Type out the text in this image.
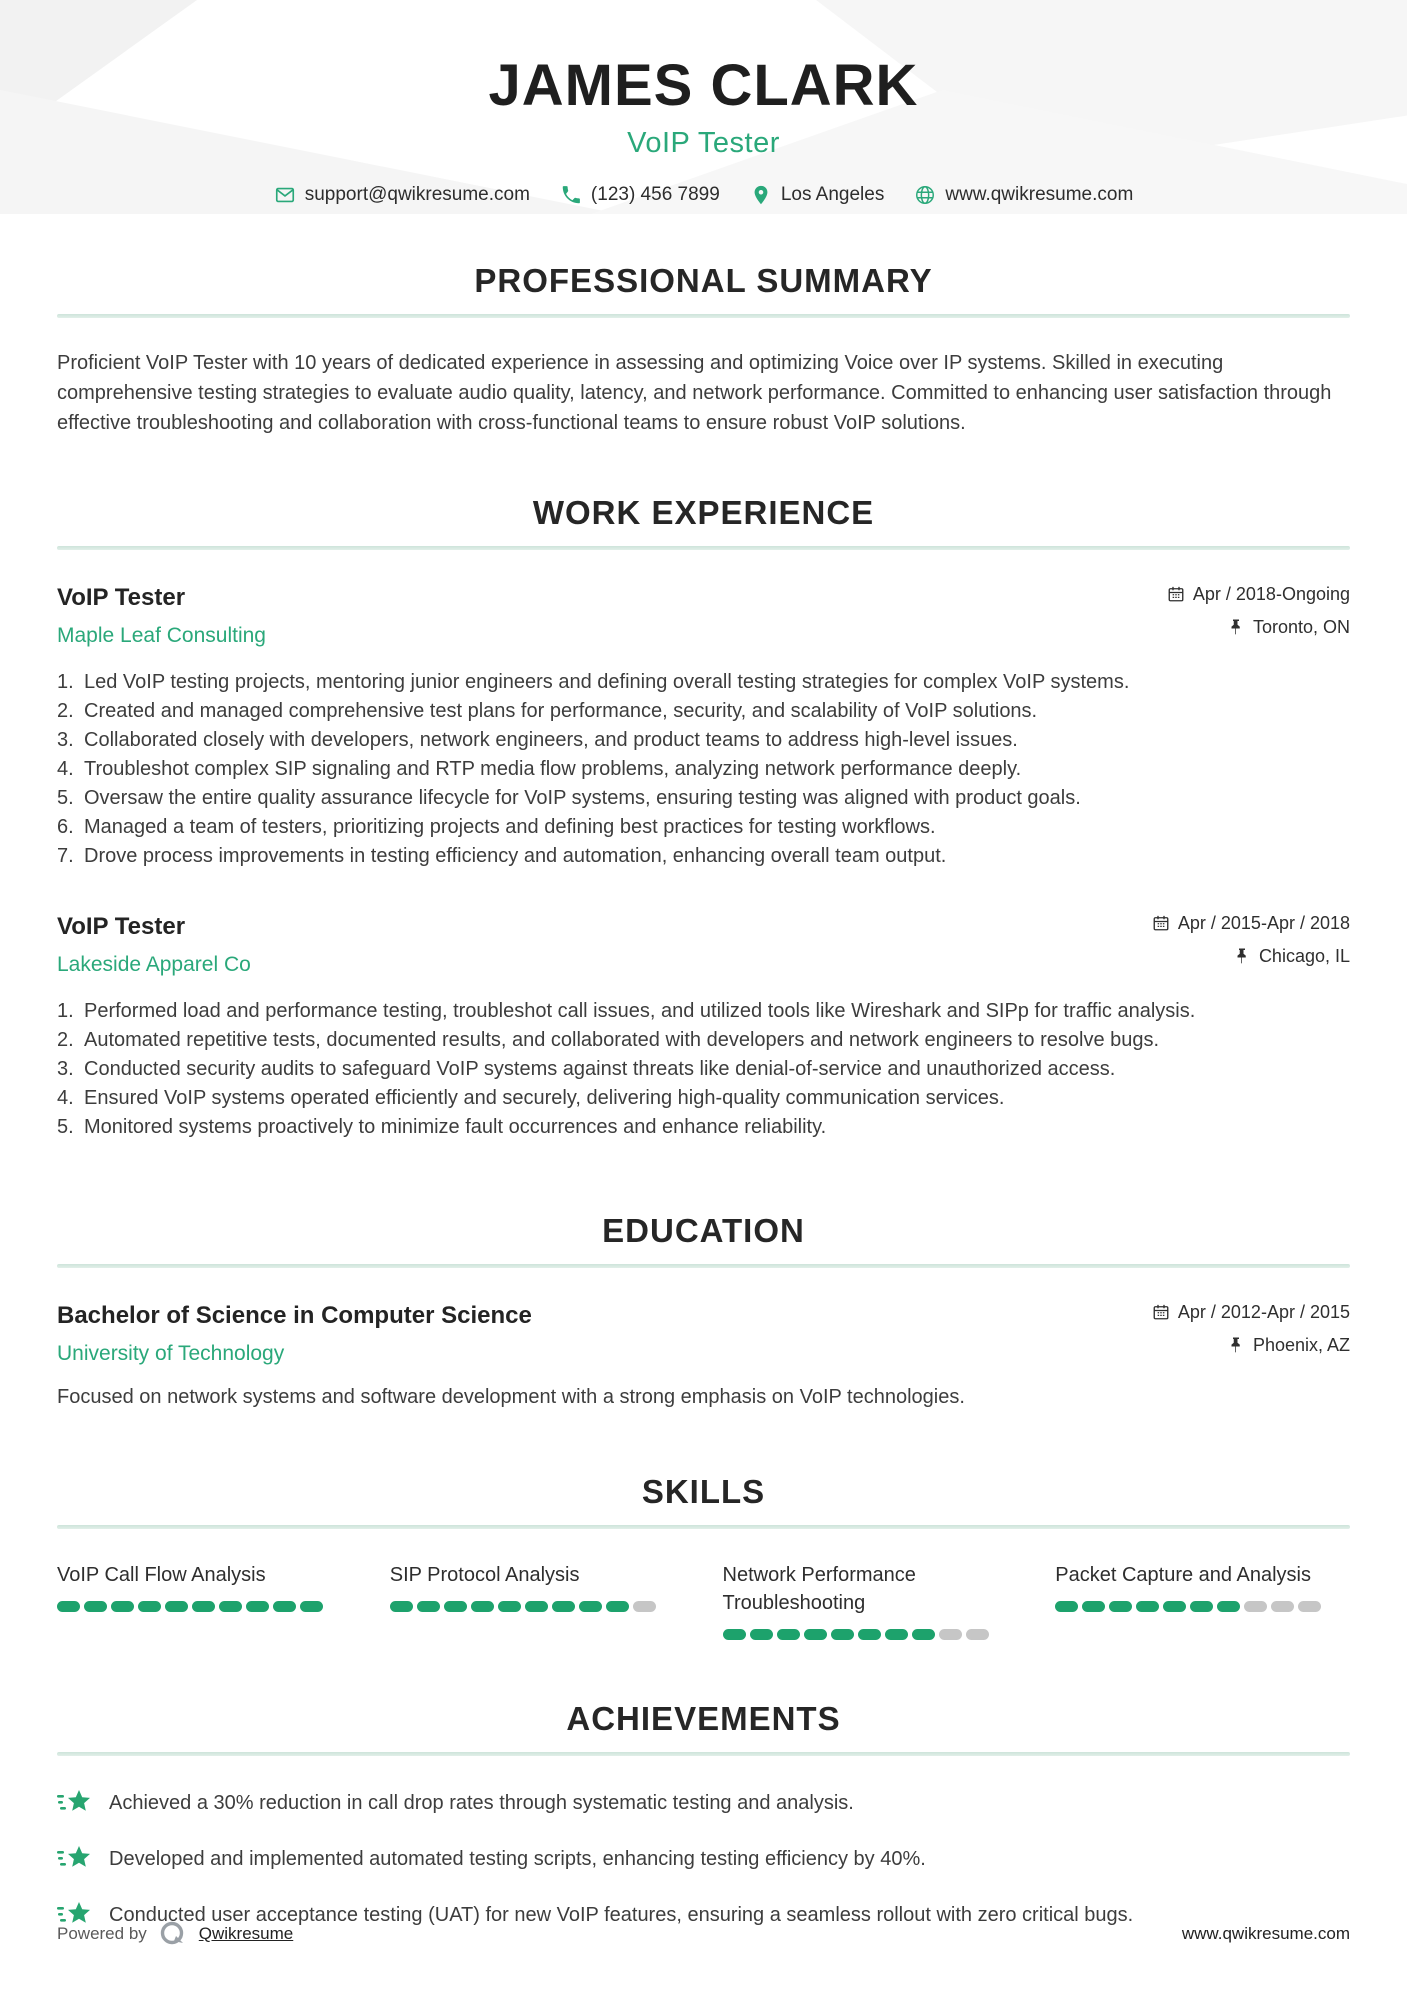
JAMES CLARK
VoIP Tester
support@qwikresume.com	(123) 456 7899	Los Angeles	www.qwikresume.com
PROFESSIONAL SUMMARY

Proficient VoIP Tester with 10 years of dedicated experience in assessing and optimizing Voice over IP systems. Skilled in executing comprehensive testing strategies to evaluate audio quality, latency, and network performance. Committed to enhancing user satisfaction through effective troubleshooting and collaboration with cross-functional teams to ensure robust VoIP solutions.

WORK EXPERIENCE
VoIP Tester
Maple Leaf Consulting
Apr / 2018-Ongoing
Toronto, ON
Led VoIP testing projects, mentoring junior engineers and defining overall testing strategies for complex VoIP systems.
Created and managed comprehensive test plans for performance, security, and scalability of VoIP solutions.
Collaborated closely with developers, network engineers, and product teams to address high-level issues.
Troubleshot complex SIP signaling and RTP media flow problems, analyzing network performance deeply.
Oversaw the entire quality assurance lifecycle for VoIP systems, ensuring testing was aligned with product goals.
Managed a team of testers, prioritizing projects and defining best practices for testing workflows.
Drove process improvements in testing efficiency and automation, enhancing overall team output.
VoIP Tester
Lakeside Apparel Co
Apr / 2015-Apr / 2018
Chicago, IL
Performed load and performance testing, troubleshot call issues, and utilized tools like Wireshark and SIPp for traffic analysis.
Automated repetitive tests, documented results, and collaborated with developers and network engineers to resolve bugs.
Conducted security audits to safeguard VoIP systems against threats like denial-of-service and unauthorized access.
Ensured VoIP systems operated efficiently and securely, delivering high-quality communication services.
Monitored systems proactively to minimize fault occurrences and enhance reliability.
EDUCATION
Bachelor of Science in Computer Science
University of Technology
Apr / 2012-Apr / 2015
Phoenix, AZ

Focused on network systems and software development with a strong emphasis on VoIP technologies.

SKILLS
VoIP Call Flow Analysis	SIP Protocol Analysis	Network Performance Troubleshooting
Packet Capture and Analysis
ACHIEVEMENTS
Achieved a 30% reduction in call drop rates through systematic testing and analysis.
Developed and implemented automated testing scripts, enhancing testing efficiency by 40%.
Conducted user acceptance testing (UAT) for new VoIP features, ensuring a seamless rollout with zero critical bugs.
Powered by	Qwikresume	www.qwikresume.com
